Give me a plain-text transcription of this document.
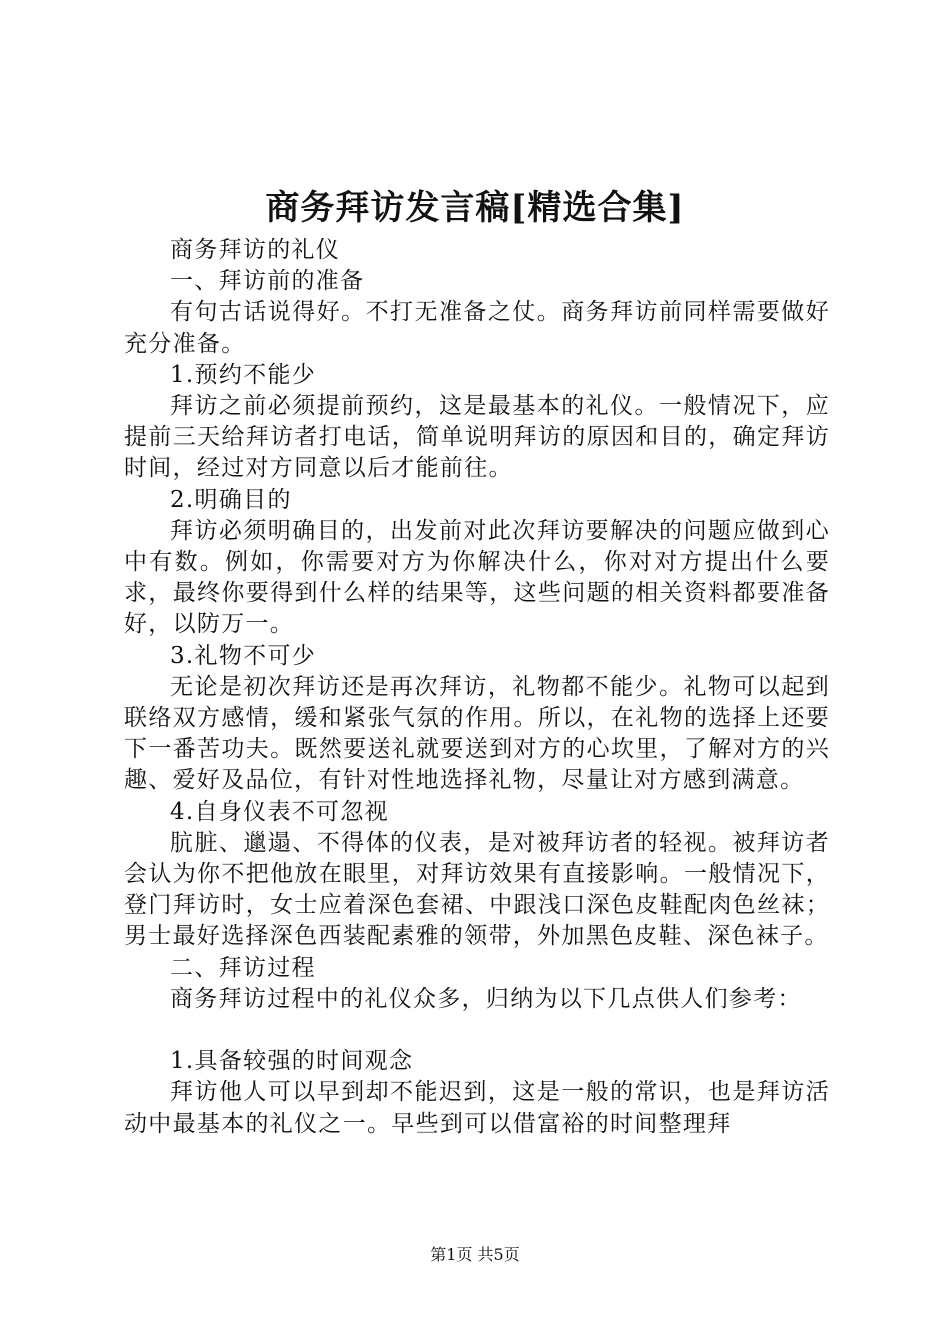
商务拜访发言稿[精选合集]

商务拜访的礼仪

一、拜访前的准备

有句古话说得好。不打无准备之仗。商务拜访前同样需要做好充分准备。

1.预约不能少

拜访之前必须提前预约，这是最基本的礼仪。一般情况下，应提前三天给拜访者打电话，简单说明拜访的原因和目的，确定拜访时间，经过对方同意以后才能前往。

2.明确目的

拜访必须明确目的，出发前对此次拜访要解决的问题应做到心中有数。例如，你需要对方为你解决什么，你对对方提出什么要求，最终你要得到什么样的结果等，这些问题的相关资料都要准备好，以防万一。

3.礼物不可少

无论是初次拜访还是再次拜访，礼物都不能少。礼物可以起到联络双方感情，缓和紧张气氛的作用。所以，在礼物的选择上还要下一番苦功夫。既然要送礼就要送到对方的心坎里，了解对方的兴趣、爱好及品位，有针对性地选择礼物，尽量让对方感到满意。

4.自身仪表不可忽视

肮脏、邋遢、不得体的仪表，是对被拜访者的轻视。被拜访者会认为你不把他放在眼里，对拜访效果有直接影响。一般情况下，登门拜访时，女士应着深色套裙、中跟浅口深色皮鞋配肉色丝袜；男士最好选择深色西装配素雅的领带，外加黑色皮鞋、深色袜子。

二、拜访过程

商务拜访过程中的礼仪众多，归纳为以下几点供人们参考：

1.具备较强的时间观念

拜访他人可以早到却不能迟到，这是一般的常识，也是拜访活动中最基本的礼仪之一。早些到可以借富裕的时间整理拜

第1页 共5页
